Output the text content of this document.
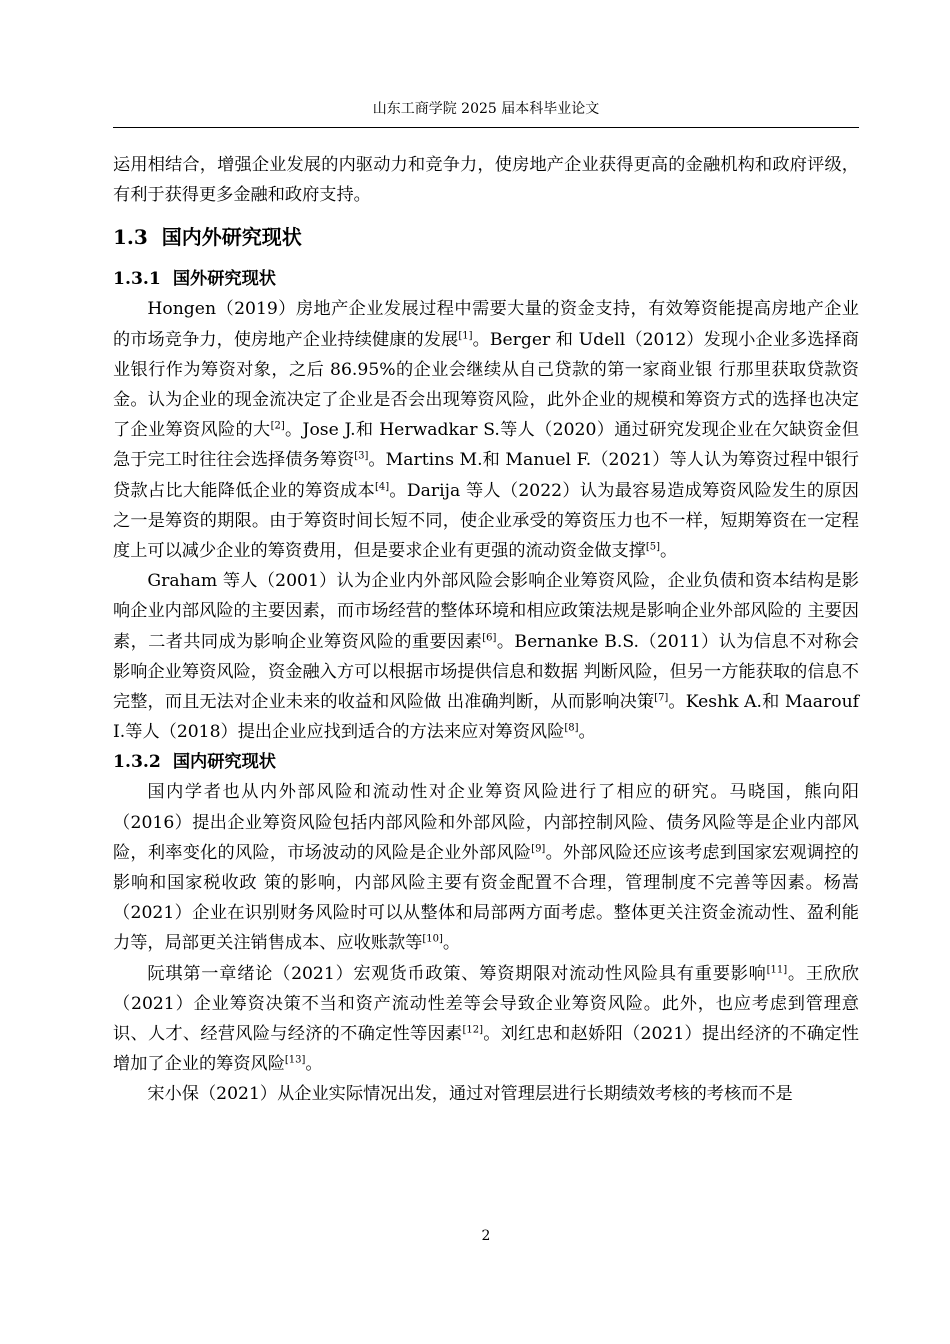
山东工商学院 2025 届本科毕业论文

运用相结合，增强企业发展的内驱动力和竞争力，使房地产企业获得更高的金融机构和政府评级，有利于获得更多金融和政府支持。

1.3 国内外研究现状
1.3.1 国外研究现状

Hongen（2019）房地产企业发展过程中需要大量的资金支持，有效筹资能提高房地产企业的市场竞争力，使房地产企业持续健康的发展[1]。Berger 和 Udell（2012）发现小企业多选择商业银行作为筹资对象，之后 86.95%的企业会继续从自己贷款的第一家商业银 行那里获取贷款资金。认为企业的现金流决定了企业是否会出现筹资风险，此外企业的规模和筹资方式的选择也决定了企业筹资风险的大[2]。Jose J.和 Herwadkar S.等人（2020）通过研究发现企业在欠缺资金但急于完工时往往会选择债务筹资[3]。Martins M.和 Manuel F.（2021）等人认为筹资过程中银行贷款占比大能降低企业的筹资成本[4]。Darija 等人（2022）认为最容易造成筹资风险发生的原因之一是筹资的期限。由于筹资时间长短不同，使企业承受的筹资压力也不一样，短期筹资在一定程度上可以减少企业的筹资费用，但是要求企业有更强的流动资金做支撑[5]。

Graham 等人（2001）认为企业内外部风险会影响企业筹资风险，企业负债和资本结构是影响企业内部风险的主要因素，而市场经营的整体环境和相应政策法规是影响企业外部风险的 主要因素，二者共同成为影响企业筹资风险的重要因素[6]。Bernanke B.S.（2011）认为信息不对称会影响企业筹资风险，资金融入方可以根据市场提供信息和数据 判断风险，但另一方能获取的信息不完整，而且无法对企业未来的收益和风险做 出准确判断，从而影响决策[7]。Keshk A.和 Maarouf I.等人（2018）提出企业应找到适合的方法来应对筹资风险[8]。

1.3.2 国内研究现状

国内学者也从内外部风险和流动性对企业筹资风险进行了相应的研究。马晓国，熊向阳（2016）提出企业筹资风险包括内部风险和外部风险，内部控制风险、债务风险等是企业内部风险，利率变化的风险，市场波动的风险是企业外部风险[9]。外部风险还应该考虑到国家宏观调控的影响和国家税收政 策的影响，内部风险主要有资金配置不合理，管理制度不完善等因素。杨嵩（2021）企业在识别财务风险时可以从整体和局部两方面考虑。整体更关注资金流动性、盈利能力等，局部更关注销售成本、应收账款等[10]。

阮琪第一章绪论（2021）宏观货币政策、筹资期限对流动性风险具有重要影响[11]。王欣欣（2021）企业筹资决策不当和资产流动性差等会导致企业筹资风险。此外，也应考虑到管理意识、人才、经营风险与经济的不确定性等因素[12]。刘红忠和赵娇阳（2021）提出经济的不确定性增加了企业的筹资风险[13]。

宋小保（2021）从企业实际情况出发，通过对管理层进行长期绩效考核的考核而不是

2
